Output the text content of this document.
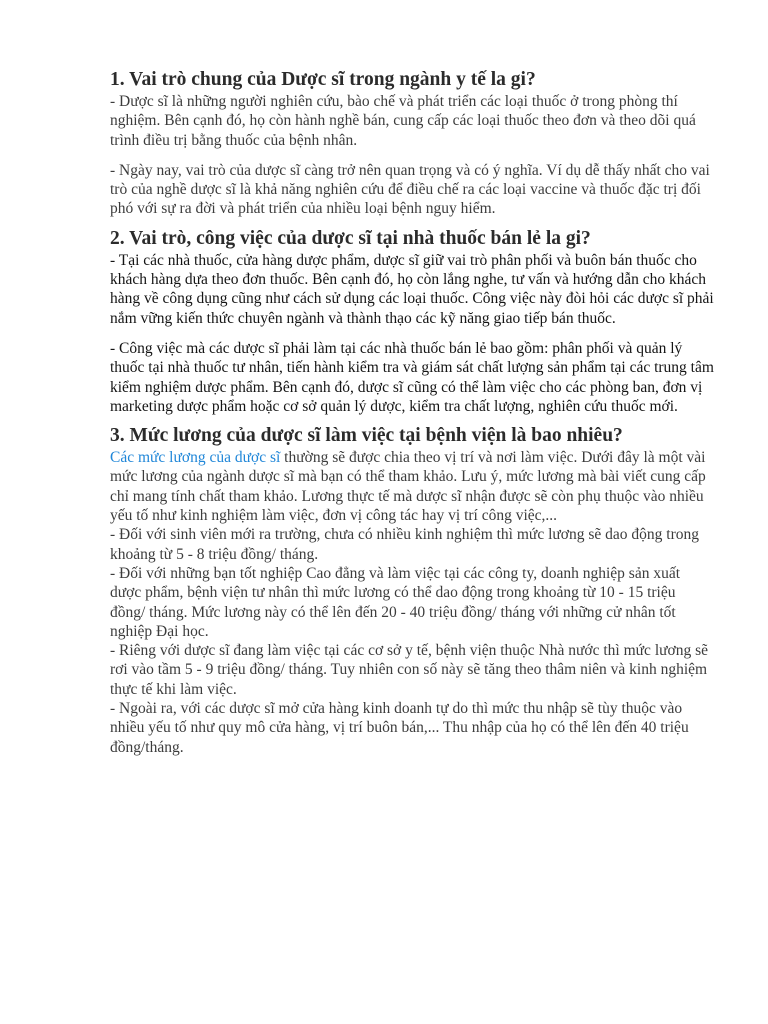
1. Vai trò chung của Dược sĩ trong ngành y tế la gi?

- Dược sĩ là những người nghiên cứu, bào chế và phát triển các loại thuốc ở trong phòng thí nghiệm. Bên cạnh đó, họ còn hành nghề bán, cung cấp các loại thuốc theo đơn và theo dõi quá trình điều trị bằng thuốc của bệnh nhân.

- Ngày nay, vai trò của dược sĩ càng trở nên quan trọng và có ý nghĩa. Ví dụ dễ thấy nhất cho vai trò của nghề dược sĩ là khả năng nghiên cứu để điều chế ra các loại vaccine và thuốc đặc trị đối phó với sự ra đời và phát triển của nhiều loại bệnh nguy hiểm.

2. Vai trò, công việc của dược sĩ tại nhà thuốc bán lẻ la gi?

- Tại các nhà thuốc, cửa hàng dược phẩm, dược sĩ giữ vai trò phân phối và buôn bán thuốc cho khách hàng dựa theo đơn thuốc. Bên cạnh đó, họ còn lắng nghe, tư vấn và hướng dẫn cho khách hàng về công dụng cũng như cách sử dụng các loại thuốc. Công việc này đòi hỏi các dược sĩ phải nắm vững kiến thức chuyên ngành và thành thạo các kỹ năng giao tiếp bán thuốc.

- Công việc mà các dược sĩ phải làm tại các nhà thuốc bán lẻ bao gồm: phân phối và quản lý thuốc tại nhà thuốc tư nhân, tiến hành kiểm tra và giám sát chất lượng sản phẩm tại các trung tâm kiểm nghiệm dược phẩm. Bên cạnh đó, dược sĩ cũng có thể làm việc cho các phòng ban, đơn vị marketing dược phẩm hoặc cơ sở quản lý dược, kiểm tra chất lượng, nghiên cứu thuốc mới.

3. Mức lương của dược sĩ làm việc tại bệnh viện là bao nhiêu?

Các mức lương của dược sĩ thường sẽ được chia theo vị trí và nơi làm việc. Dưới đây là một vài mức lương của ngành dược sĩ mà bạn có thể tham khảo. Lưu ý, mức lương mà bài viết cung cấp chỉ mang tính chất tham khảo. Lương thực tế mà dược sĩ nhận được sẽ còn phụ thuộc vào nhiều yếu tố như kinh nghiệm làm việc, đơn vị công tác hay vị trí công việc,...

- Đối với sinh viên mới ra trường, chưa có nhiều kinh nghiệm thì mức lương sẽ dao động trong khoảng từ 5 - 8 triệu đồng/ tháng.

- Đối với những bạn tốt nghiệp Cao đẳng và làm việc tại các công ty, doanh nghiệp sản xuất dược phẩm, bệnh viện tư nhân thì mức lương có thể dao động trong khoảng từ 10 - 15 triệu đồng/ tháng. Mức lương này có thể lên đến 20 - 40 triệu đồng/ tháng với những cử nhân tốt nghiệp Đại học.

- Riêng với dược sĩ đang làm việc tại các cơ sở y tế, bệnh viện thuộc Nhà nước thì mức lương sẽ rơi vào tầm 5 - 9 triệu đồng/ tháng. Tuy nhiên con số này sẽ tăng theo thâm niên và kinh nghiệm thực tế khi làm việc.

- Ngoài ra, với các dược sĩ mở cửa hàng kinh doanh tự do thì mức thu nhập sẽ tùy thuộc vào nhiều yếu tố như quy mô cửa hàng, vị trí buôn bán,... Thu nhập của họ có thể lên đến 40 triệu đồng/tháng.
